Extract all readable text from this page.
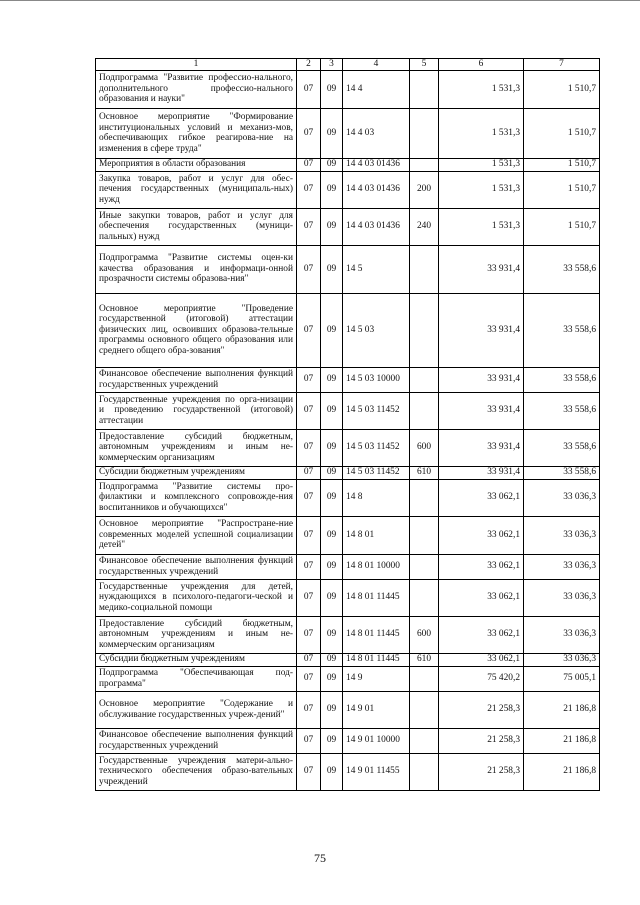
1	2	3	4	5	6	7
Подпрограмма "Развитие профессио-нального, дополнительного профессио-нального образования и науки"	07	09	14 4		1 531,3	1 510,7
Основное мероприятие "Формирование институциональных условий и механиз-мов, обеспечивающих гибкое реагирова-ние на изменения в сфере труда"	07	09	14 4 03		1 531,3	1 510,7
Мероприятия в области образования	07	09	14 4 03 01436		1 531,3	1 510,7
Закупка товаров, работ и услуг для обес-печения государственных (муниципаль-ных) нужд	07	09	14 4 03 01436	200	1 531,3	1 510,7
Иные закупки товаров, работ и услуг для обеспечения государственных (муници-пальных) нужд	07	09	14 4 03 01436	240	1 531,3	1 510,7
Подпрограмма "Развитие системы оцен-ки качества образования и информаци-онной прозрачности системы образова-ния"	07	09	14 5		33 931,4	33 558,6
Основное мероприятие "Проведение государственной (итоговой) аттестации физических лиц, освоивших образова-тельные программы основного общего образования или среднего общего обра-зования"	07	09	14 5 03		33 931,4	33 558,6
Финансовое обеспечение выполнения функций государственных учреждений	07	09	14 5 03 10000		33 931,4	33 558,6
Государственные учреждения по орга-низации и проведению государственной (итоговой) аттестации	07	09	14 5 03 11452		33 931,4	33 558,6
Предоставление субсидий бюджетным, автономным учреждениям и иным не-коммерческим организациям	07	09	14 5 03 11452	600	33 931,4	33 558,6
Субсидии бюджетным учреждениям	07	09	14 5 03 11452	610	33 931,4	33 558,6
Подпрограмма "Развитие системы про-филактики и комплексного сопровожде-ния воспитанников и обучающихся"	07	09	14 8		33 062,1	33 036,3
Основное мероприятие "Распростране-ние современных моделей успешной социализации детей"	07	09	14 8 01		33 062,1	33 036,3
Финансовое обеспечение выполнения функций государственных учреждений	07	09	14 8 01 10000		33 062,1	33 036,3
Государственные учреждения для детей, нуждающихся в психолого-педагоги-ческой и медико-социальной помощи	07	09	14 8 01 11445		33 062,1	33 036,3
Предоставление субсидий бюджетным, автономным учреждениям и иным не-коммерческим организациям	07	09	14 8 01 11445	600	33 062,1	33 036,3
Субсидии бюджетным учреждениям	07	09	14 8 01 11445	610	33 062,1	33 036,3
Подпрограмма "Обеспечивающая под-программа"	07	09	14 9		75 420,2	75 005,1
Основное мероприятие "Содержание и обслуживание государственных учреж-дений"	07	09	14 9 01		21 258,3	21 186,8
Финансовое обеспечение выполнения функций государственных учреждений	07	09	14 9 01 10000		21 258,3	21 186,8
Государственные учреждения матери-ально-технического обеспечения образо-вательных учреждений	07	09	14 9 01 11455		21 258,3	21 186,8
75
